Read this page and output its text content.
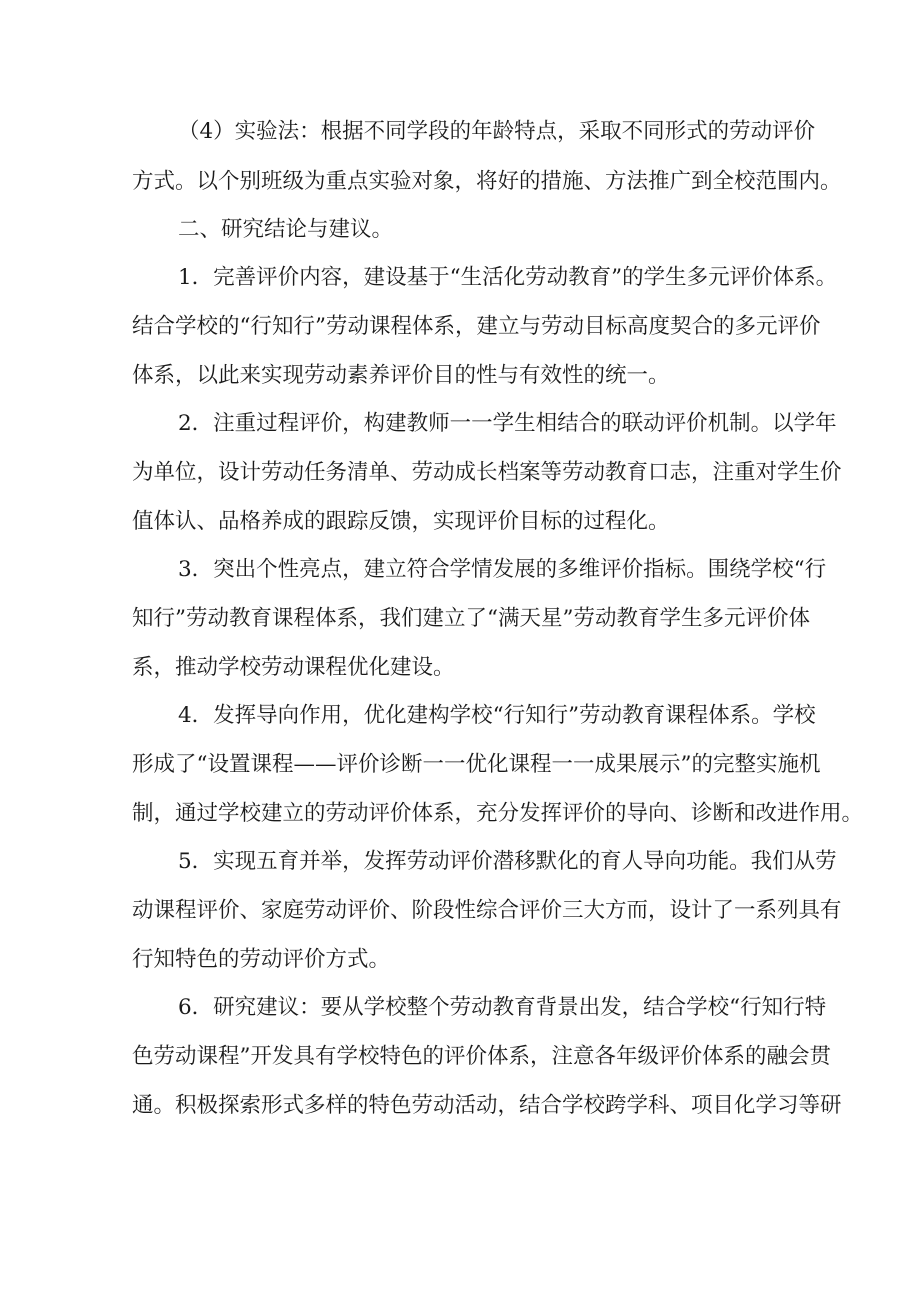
（4）实验法：根据不同学段的年龄特点，采取不同形式的劳动评价

方式。以个别班级为重点实验对象，将好的措施、方法推广到全校范围内。

二、研究结论与建议。

1．完善评价内容，建设基于“生活化劳动教育”的学生多元评价体系。

结合学校的“行知行”劳动课程体系，建立与劳动目标高度契合的多元评价

体系，以此来实现劳动素养评价目的性与有效性的统一。

2．注重过程评价，构建教师一一学生相结合的联动评价机制。以学年

为单位，设计劳动任务清单、劳动成长档案等劳动教育口志，注重对学生价

值体认、品格养成的跟踪反馈，实现评价目标的过程化。

3．突出个性亮点，建立符合学情发展的多维评价指标。围绕学校“行

知行”劳动教育课程体系，我们建立了“满天星”劳动教育学生多元评价体

系，推动学校劳动课程优化建设。

4．发挥导向作用，优化建构学校“行知行”劳动教育课程体系。学校

形成了“设置课程——评价诊断一一优化课程一一成果展示”的完整实施机

制，通过学校建立的劳动评价体系，充分发挥评价的导向、诊断和改进作用。

5．实现五育并举，发挥劳动评价潜移默化的育人导向功能。我们从劳

动课程评价、家庭劳动评价、阶段性综合评价三大方而，设计了一系列具有

行知特色的劳动评价方式。

6．研究建议：要从学校整个劳动教育背景出发，结合学校“行知行特

色劳动课程”开发具有学校特色的评价体系，注意各年级评价体系的融会贯

通。积极探索形式多样的特色劳动活动，结合学校跨学科、项目化学习等研
